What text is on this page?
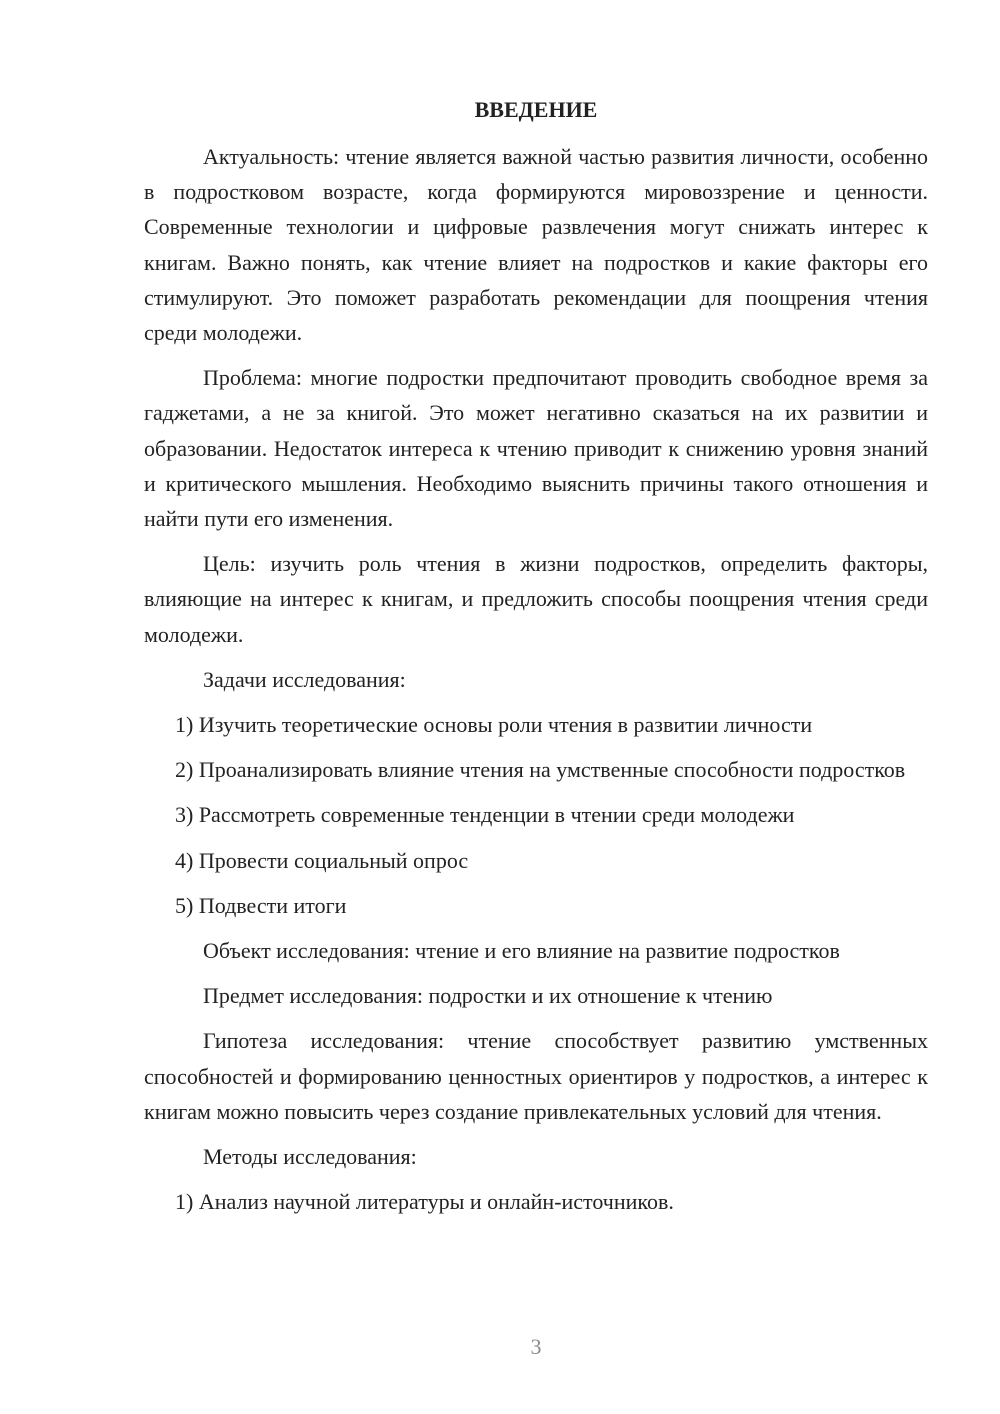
ВВЕДЕНИЕ

Актуальность: чтение является важной частью развития личности, особенно в подростковом возрасте, когда формируются мировоззрение и ценности. Современные технологии и цифровые развлечения могут снижать интерес к книгам. Важно понять, как чтение влияет на подростков и какие факторы его стимулируют. Это поможет разработать рекомендации для поощрения чтения среди молодежи.

Проблема: многие подростки предпочитают проводить свободное время за гаджетами, а не за книгой. Это может негативно сказаться на их развитии и образовании. Недостаток интереса к чтению приводит к снижению уровня знаний и критического мышления. Необходимо выяснить причины такого отношения и найти пути его изменения.

Цель: изучить роль чтения в жизни подростков, определить факторы, влияющие на интерес к книгам, и предложить способы поощрения чтения среди молодежи.

Задачи исследования:

1) Изучить теоретические основы роли чтения в развитии личности

2) Проанализировать влияние чтения на умственные способности подростков

3) Рассмотреть современные тенденции в чтении среди молодежи

4) Провести социальный опрос

5) Подвести итоги

Объект исследования: чтение и его влияние на развитие подростков

Предмет исследования: подростки и их отношение к чтению

Гипотеза исследования: чтение способствует развитию умственных способностей и формированию ценностных ориентиров у подростков, а интерес к книгам можно повысить через создание привлекательных условий для чтения.

Методы исследования:

1) Анализ научной литературы и онлайн-источников.

3
